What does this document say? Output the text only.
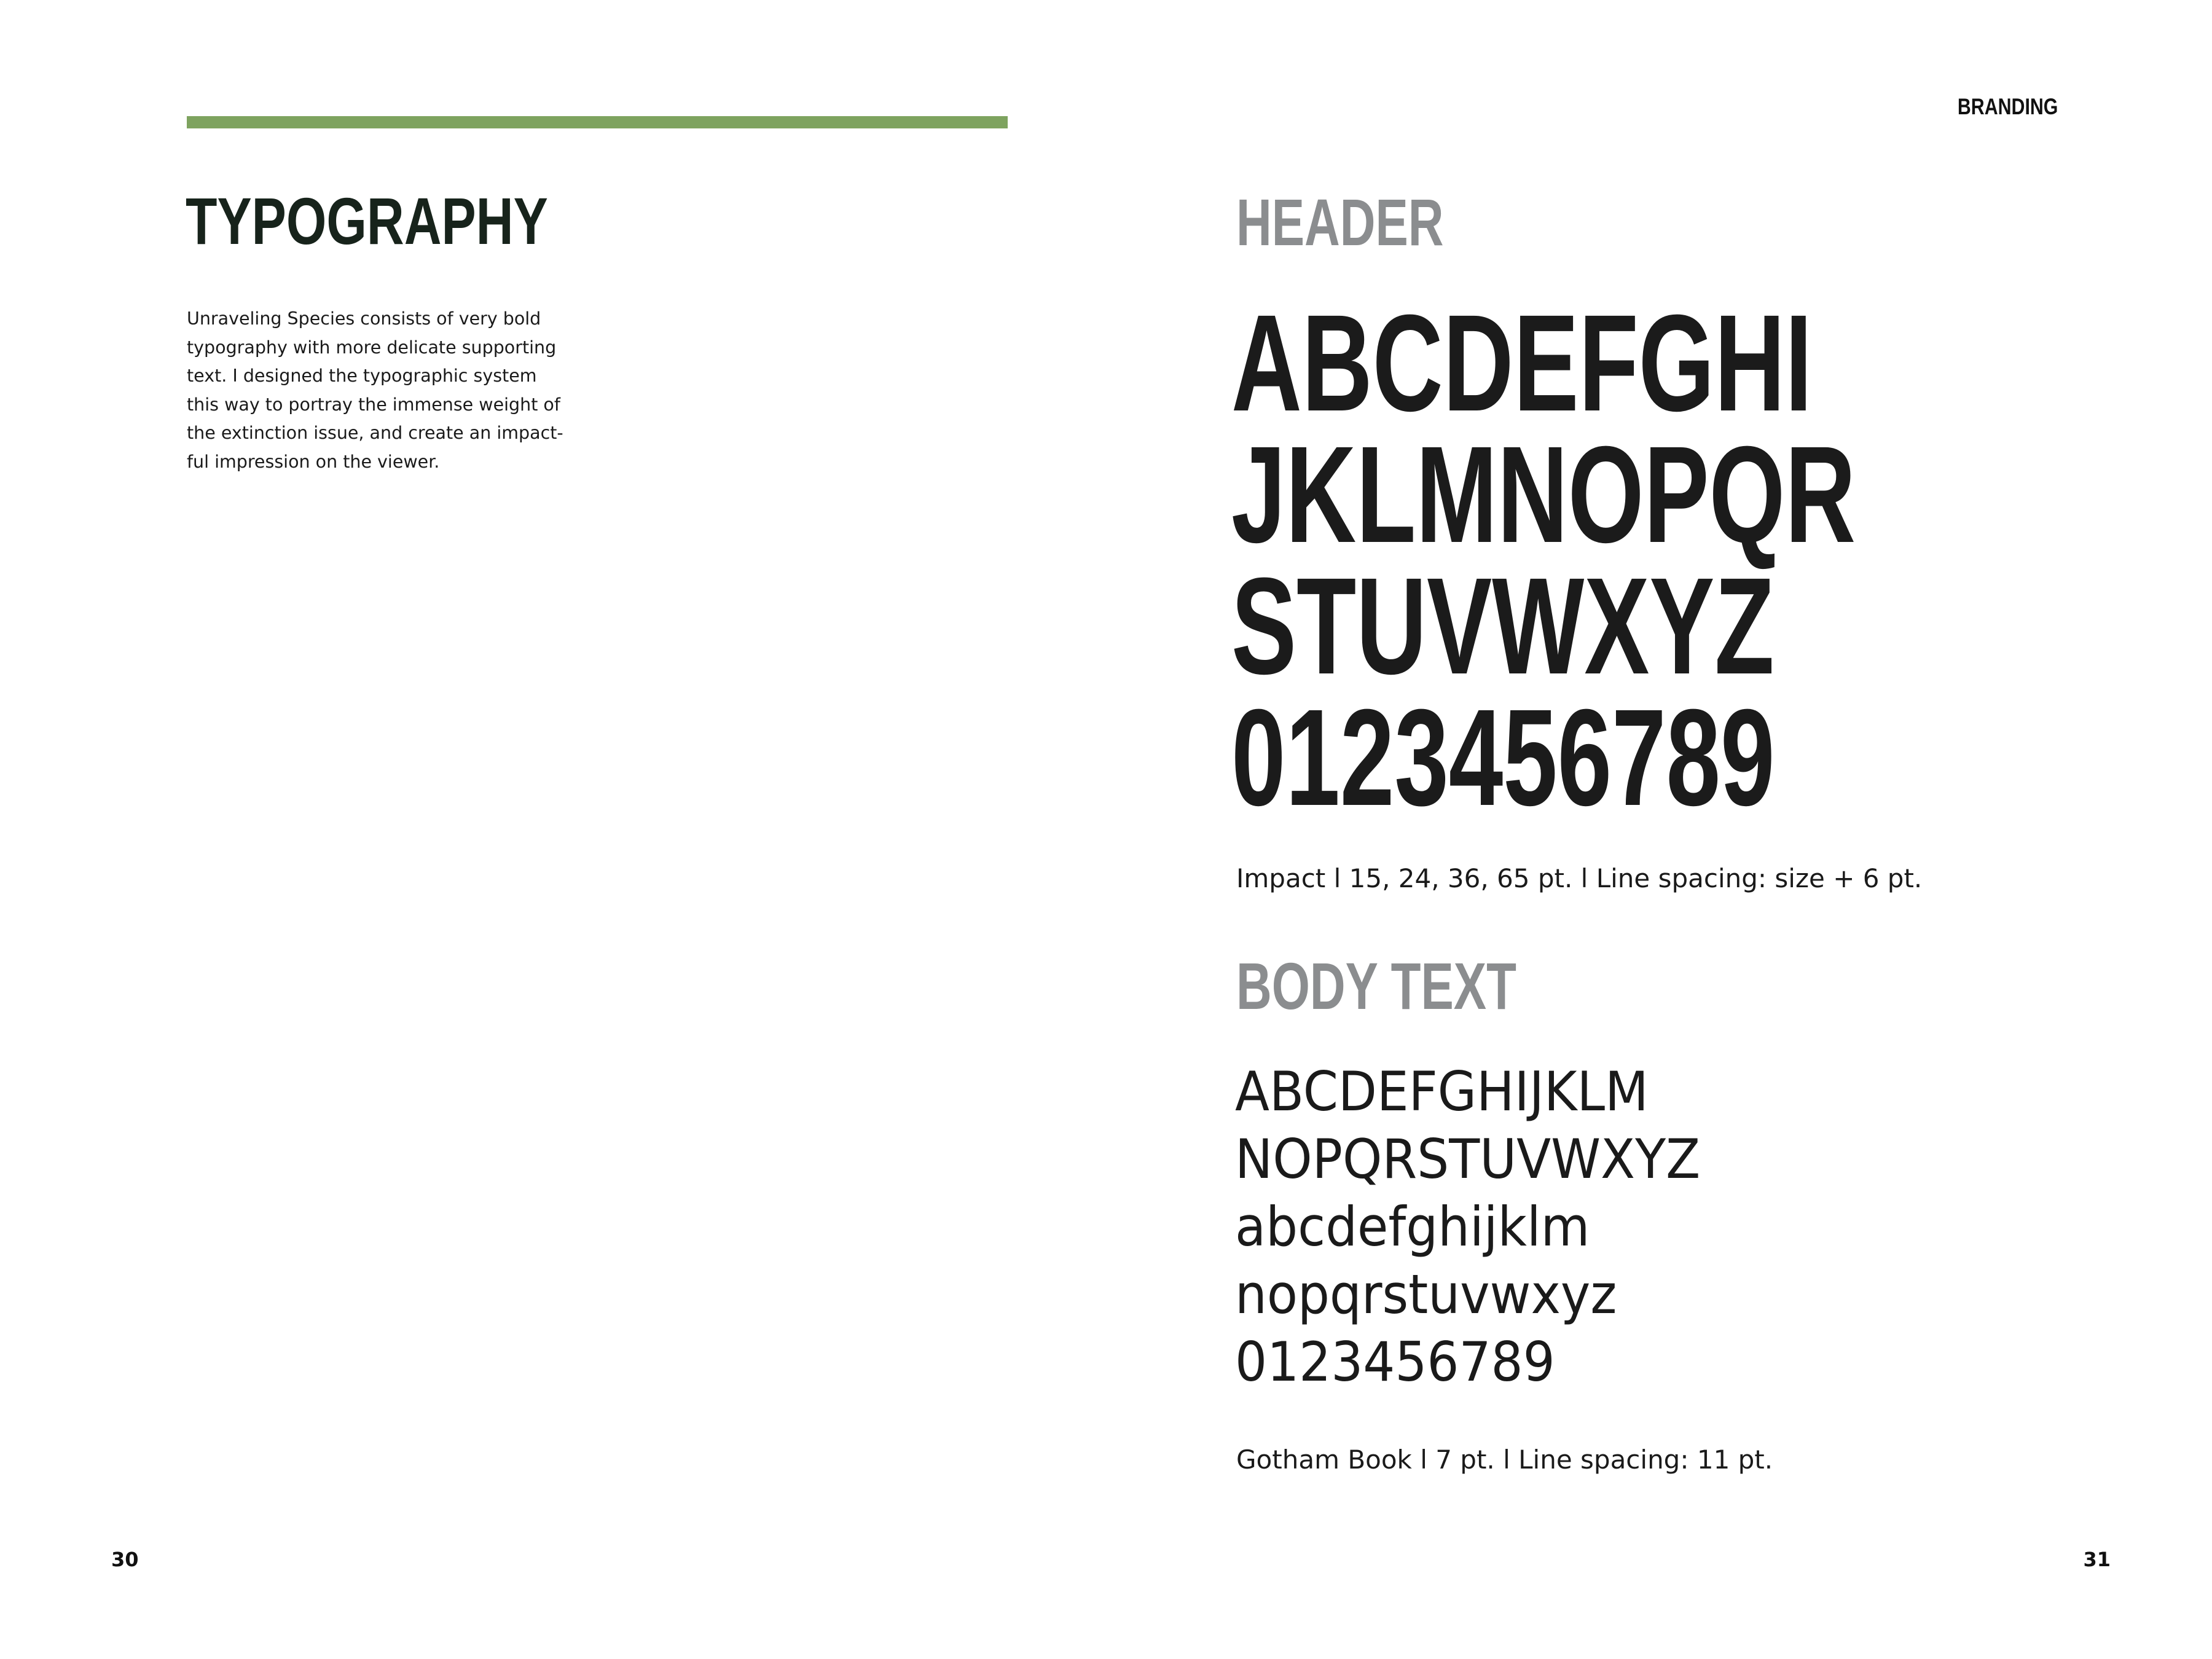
TYPOGRAPHY
Unraveling Species consists of very bold
typography with more delicate supporting
text. I designed the typographic system
this way to portray the immense weight of
the extinction issue, and create an impact-
ful impression on the viewer.
30
BRANDING
HEADER
ABCDEFGHI
JKLMNOPQR
STUVWXYZ
0123456789
Impact l 15, 24, 36, 65 pt. l Line spacing: size + 6 pt.
BODY TEXT
ABCDEFGHIJKLM
NOPQRSTUVWXYZ
abcdefghijklm
nopqrstuvwxyz
0123456789
Gotham Book l 7 pt. l Line spacing: 11 pt.
31
